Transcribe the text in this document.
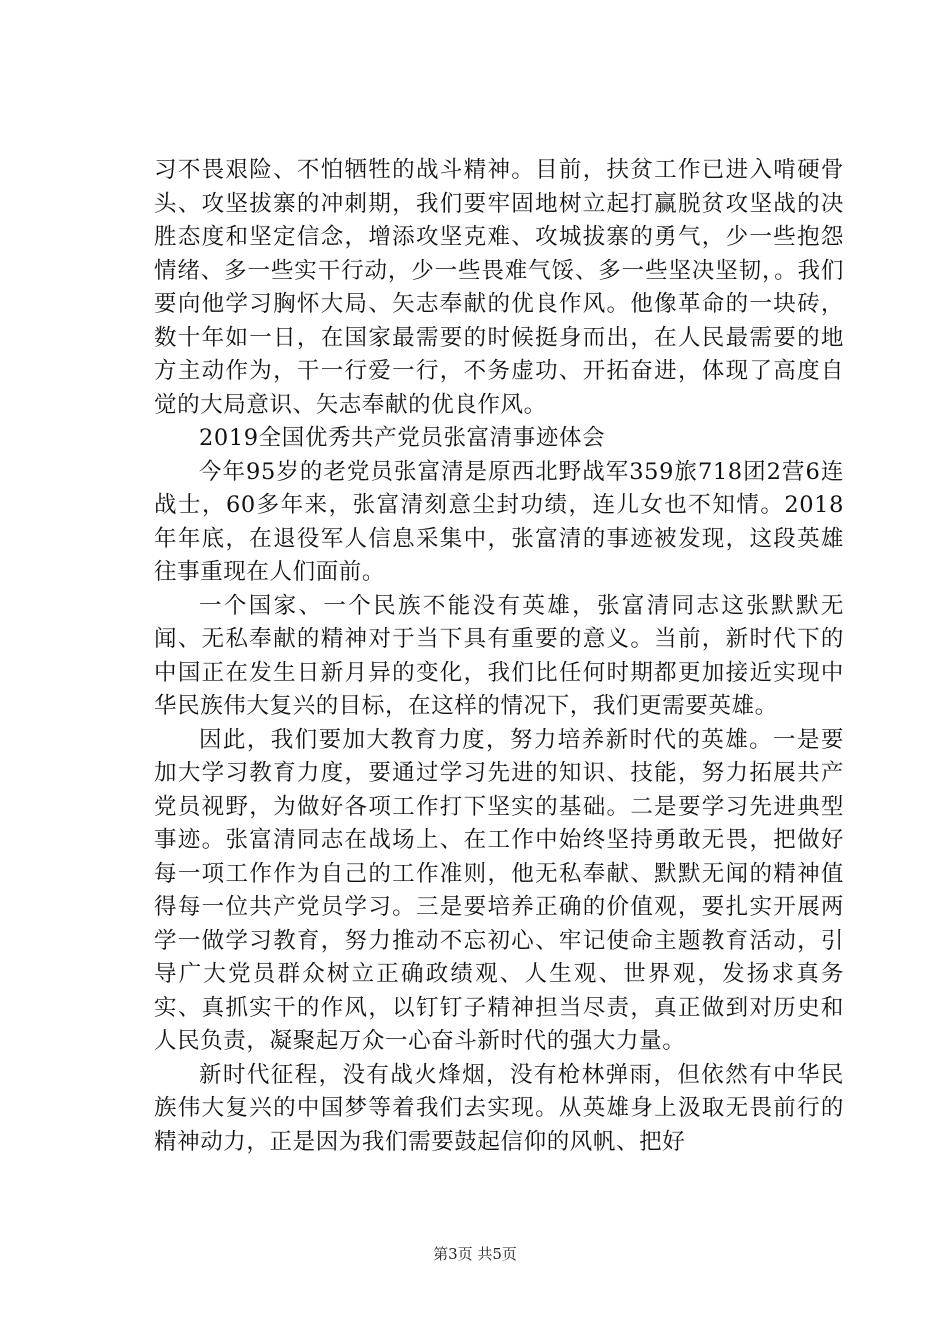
习不畏艰险、不怕牺牲的战斗精神。目前，扶贫工作已进入啃硬骨头、攻坚拔寨的冲刺期，我们要牢固地树立起打赢脱贫攻坚战的决胜态度和坚定信念，增添攻坚克难、攻城拔寨的勇气，少一些抱怨情绪、多一些实干行动，少一些畏难气馁、多一些坚决坚韧，。我们要向他学习胸怀大局、矢志奉献的优良作风。他像革命的一块砖，数十年如一日，在国家最需要的时候挺身而出，在人民最需要的地方主动作为，干一行爱一行，不务虚功、开拓奋进，体现了高度自觉的大局意识、矢志奉献的优良作风。

2019全国优秀共产党员张富清事迹体会

今年95岁的老党员张富清是原西北野战军359旅718团2营6连战士，60多年来，张富清刻意尘封功绩，连儿女也不知情。2018年年底，在退役军人信息采集中，张富清的事迹被发现，这段英雄往事重现在人们面前。

一个国家、一个民族不能没有英雄，张富清同志这张默默无闻、无私奉献的精神对于当下具有重要的意义。当前，新时代下的中国正在发生日新月异的变化，我们比任何时期都更加接近实现中华民族伟大复兴的目标，在这样的情况下，我们更需要英雄。

因此，我们要加大教育力度，努力培养新时代的英雄。一是要加大学习教育力度，要通过学习先进的知识、技能，努力拓展共产党员视野，为做好各项工作打下坚实的基础。二是要学习先进典型事迹。张富清同志在战场上、在工作中始终坚持勇敢无畏，把做好每一项工作作为自己的工作准则，他无私奉献、默默无闻的精神值得每一位共产党员学习。三是要培养正确的价值观，要扎实开展两学一做学习教育，努力推动不忘初心、牢记使命主题教育活动，引导广大党员群众树立正确政绩观、人生观、世界观，发扬求真务实、真抓实干的作风，以钉钉子精神担当尽责，真正做到对历史和人民负责，凝聚起万众一心奋斗新时代的强大力量。

新时代征程，没有战火烽烟，没有枪林弹雨，但依然有中华民族伟大复兴的中国梦等着我们去实现。从英雄身上汲取无畏前行的精神动力，正是因为我们需要鼓起信仰的风帆、把好

第3页 共5页
